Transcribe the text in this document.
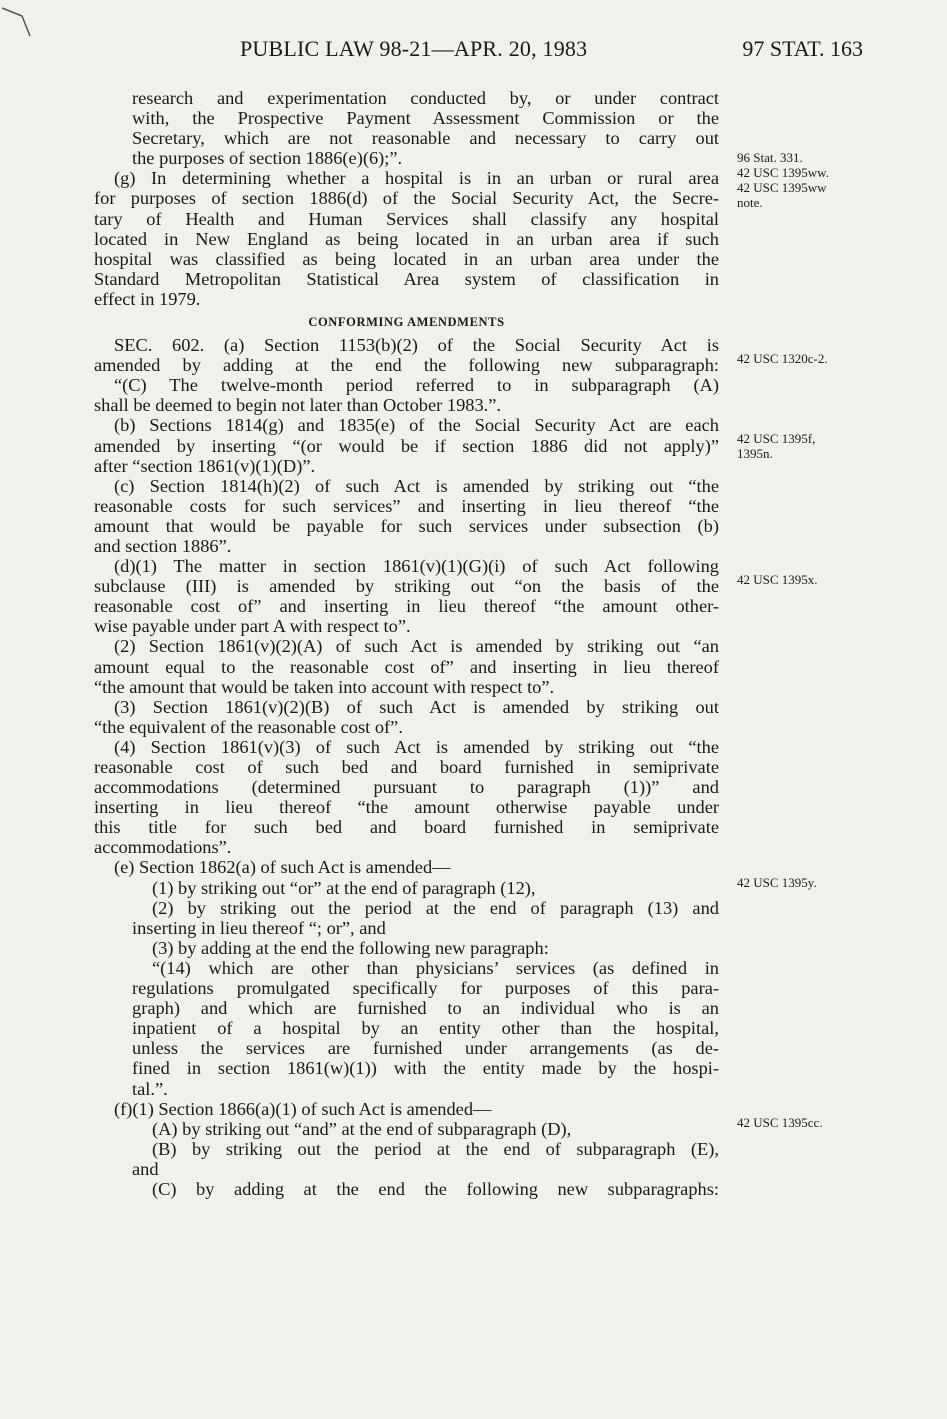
PUBLIC LAW 98-21—APR. 20, 1983	97 STAT. 163
research and experimentation conducted by, or under contract
with, the Prospective Payment Assessment Commission or the
Secretary, which are not reasonable and necessary to carry out
the purposes of section 1886(e)(6);”.
(g) In determining whether a hospital is in an urban or rural area
for purposes of section 1886(d) of the Social Security Act, the Secre-
tary of Health and Human Services shall classify any hospital
located in New England as being located in an urban area if such
hospital was classified as being located in an urban area under the
Standard Metropolitan Statistical Area system of classification in
effect in 1979.
CONFORMING AMENDMENTS
SEC. 602. (a) Section 1153(b)(2) of the Social Security Act is
amended by adding at the end the following new subparagraph:
“(C) The twelve-month period referred to in subparagraph (A)
shall be deemed to begin not later than October 1983.”.
(b) Sections 1814(g) and 1835(e) of the Social Security Act are each
amended by inserting “(or would be if section 1886 did not apply)”
after “section 1861(v)(1)(D)”.
(c) Section 1814(h)(2) of such Act is amended by striking out “the
reasonable costs for such services” and inserting in lieu thereof “the
amount that would be payable for such services under subsection (b)
and section 1886”.
(d)(1) The matter in section 1861(v)(1)(G)(i) of such Act following
subclause (III) is amended by striking out “on the basis of the
reasonable cost of” and inserting in lieu thereof “the amount other-
wise payable under part A with respect to”.
(2) Section 1861(v)(2)(A) of such Act is amended by striking out “an
amount equal to the reasonable cost of” and inserting in lieu thereof
“the amount that would be taken into account with respect to”.
(3) Section 1861(v)(2)(B) of such Act is amended by striking out
“the equivalent of the reasonable cost of”.
(4) Section 1861(v)(3) of such Act is amended by striking out “the
reasonable cost of such bed and board furnished in semiprivate
accommodations (determined pursuant to paragraph (1))” and
inserting in lieu thereof “the amount otherwise payable under
this title for such bed and board furnished in semiprivate
accommodations”.
(e) Section 1862(a) of such Act is amended—
(1) by striking out “or” at the end of paragraph (12),
(2) by striking out the period at the end of paragraph (13) and
inserting in lieu thereof “; or”, and
(3) by adding at the end the following new paragraph:
“(14) which are other than physicians’ services (as defined in
regulations promulgated specifically for purposes of this para-
graph) and which are furnished to an individual who is an
inpatient of a hospital by an entity other than the hospital,
unless the services are furnished under arrangements (as de-
fined in section 1861(w)(1)) with the entity made by the hospi-
tal.”.
(f)(1) Section 1866(a)(1) of such Act is amended—
(A) by striking out “and” at the end of subparagraph (D),
(B) by striking out the period at the end of subparagraph (E),
and
(C) by adding at the end the following new subparagraphs:
96 Stat. 331.
42 USC 1395ww.
42 USC 1395ww
note.
42 USC 1320c-2.
42 USC 1395f,
1395n.
42 USC 1395x.
42 USC 1395y.
42 USC 1395cc.
